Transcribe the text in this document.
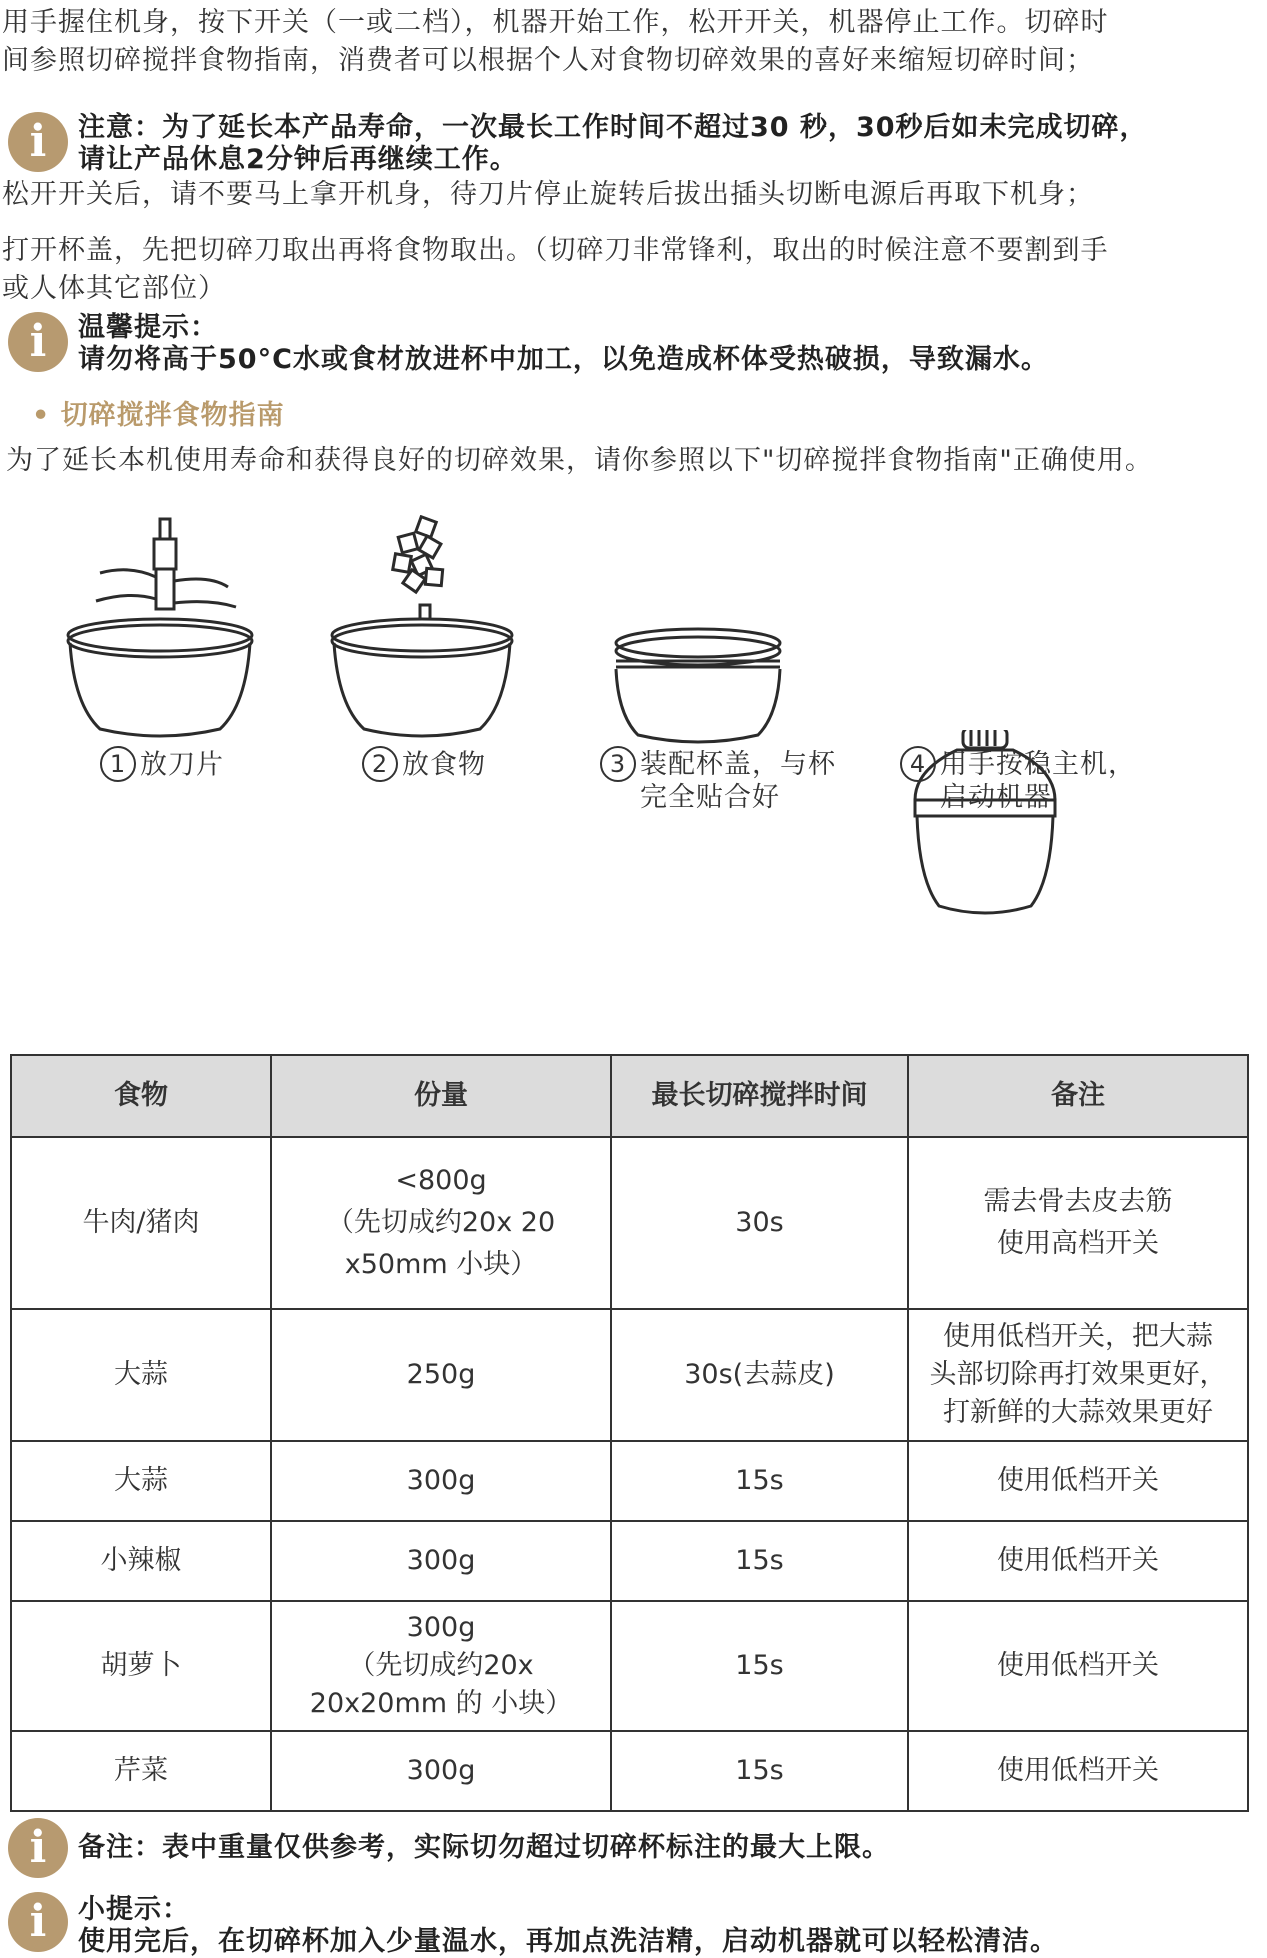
用手握住机身，按下开关（一或二档），机器开始工作，松开开关，机器停止工作。切碎时
间参照切碎搅拌食物指南，消费者可以根据个人对食物切碎效果的喜好来缩短切碎时间；
i 注意：为了延长本产品寿命，一次最长工作时间不超过30 秒，30秒后如未完成切碎，
请让产品休息2分钟后再继续工作。
松开开关后，请不要马上拿开机身，待刀片停止旋转后拔出插头切断电源后再取下机身；
打开杯盖，先把切碎刀取出再将食物取出。（切碎刀非常锋利，取出的时候注意不要割到手
或人体其它部位）
i 温馨提示：
请勿将高于50°C水或食材放进杯中加工，以免造成杯体受热破损，导致漏水。
• 切碎搅拌食物指南
为了延长本机使用寿命和获得良好的切碎效果，请你参照以下"切碎搅拌食物指南"正确使用。
1 放刀片	2 放食物	3 装配杯盖，与杯
完全贴合好
4 用手按稳主机，
启动机器
食物	份量	最长切碎搅拌时间	备注
牛肉/猪肉	<800g
（先切成约20x 20
x50mm 小块）	30s	需去骨去皮去筋
使用高档开关
大蒜	250g	30s(去蒜皮)	使用低档开关，把大蒜
头部切除再打效果更好，
打新鲜的大蒜效果更好
大蒜	300g	15s	使用低档开关
小辣椒	300g	15s	使用低档开关
胡萝卜	300g
（先切成约20x
20x20mm 的 小块）	15s	使用低档开关
芹菜	300g	15s	使用低档开关
i 备注：表中重量仅供参考，实际切勿超过切碎杯标注的最大上限。
i 小提示：
使用完后，在切碎杯加入少量温水，再加点洗洁精，启动机器就可以轻松清洁。
